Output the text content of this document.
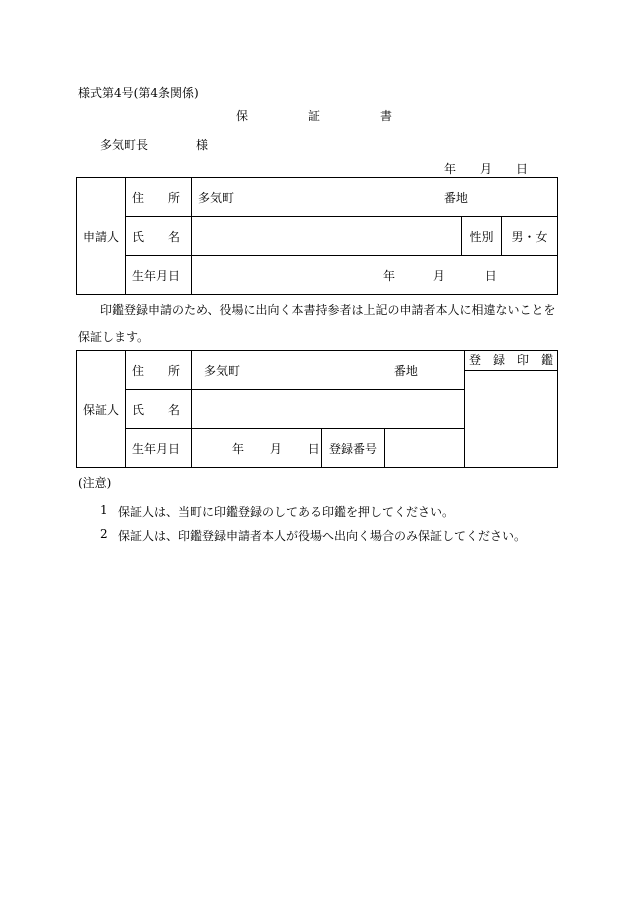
様式第4号(第4条関係)
保	証	書
多気町長	様
年 月 日
申請人	住　　所	多気町 番地		
	氏　　名		性別	男・女
	生年月日	年 月 日		
印鑑登録申請のため、役場に出向く本書持参者は上記の申請者本人に相違ないことを
保証します。
保証人	住　　所	多気町 番地			登　録　印　鑑

	氏　　名				
	生年月日	年 月 日	登録番号		
(注意)
1 保証人は、当町に印鑑登録のしてある印鑑を押してください。
2 保証人は、印鑑登録申請者本人が役場へ出向く場合のみ保証してください。
